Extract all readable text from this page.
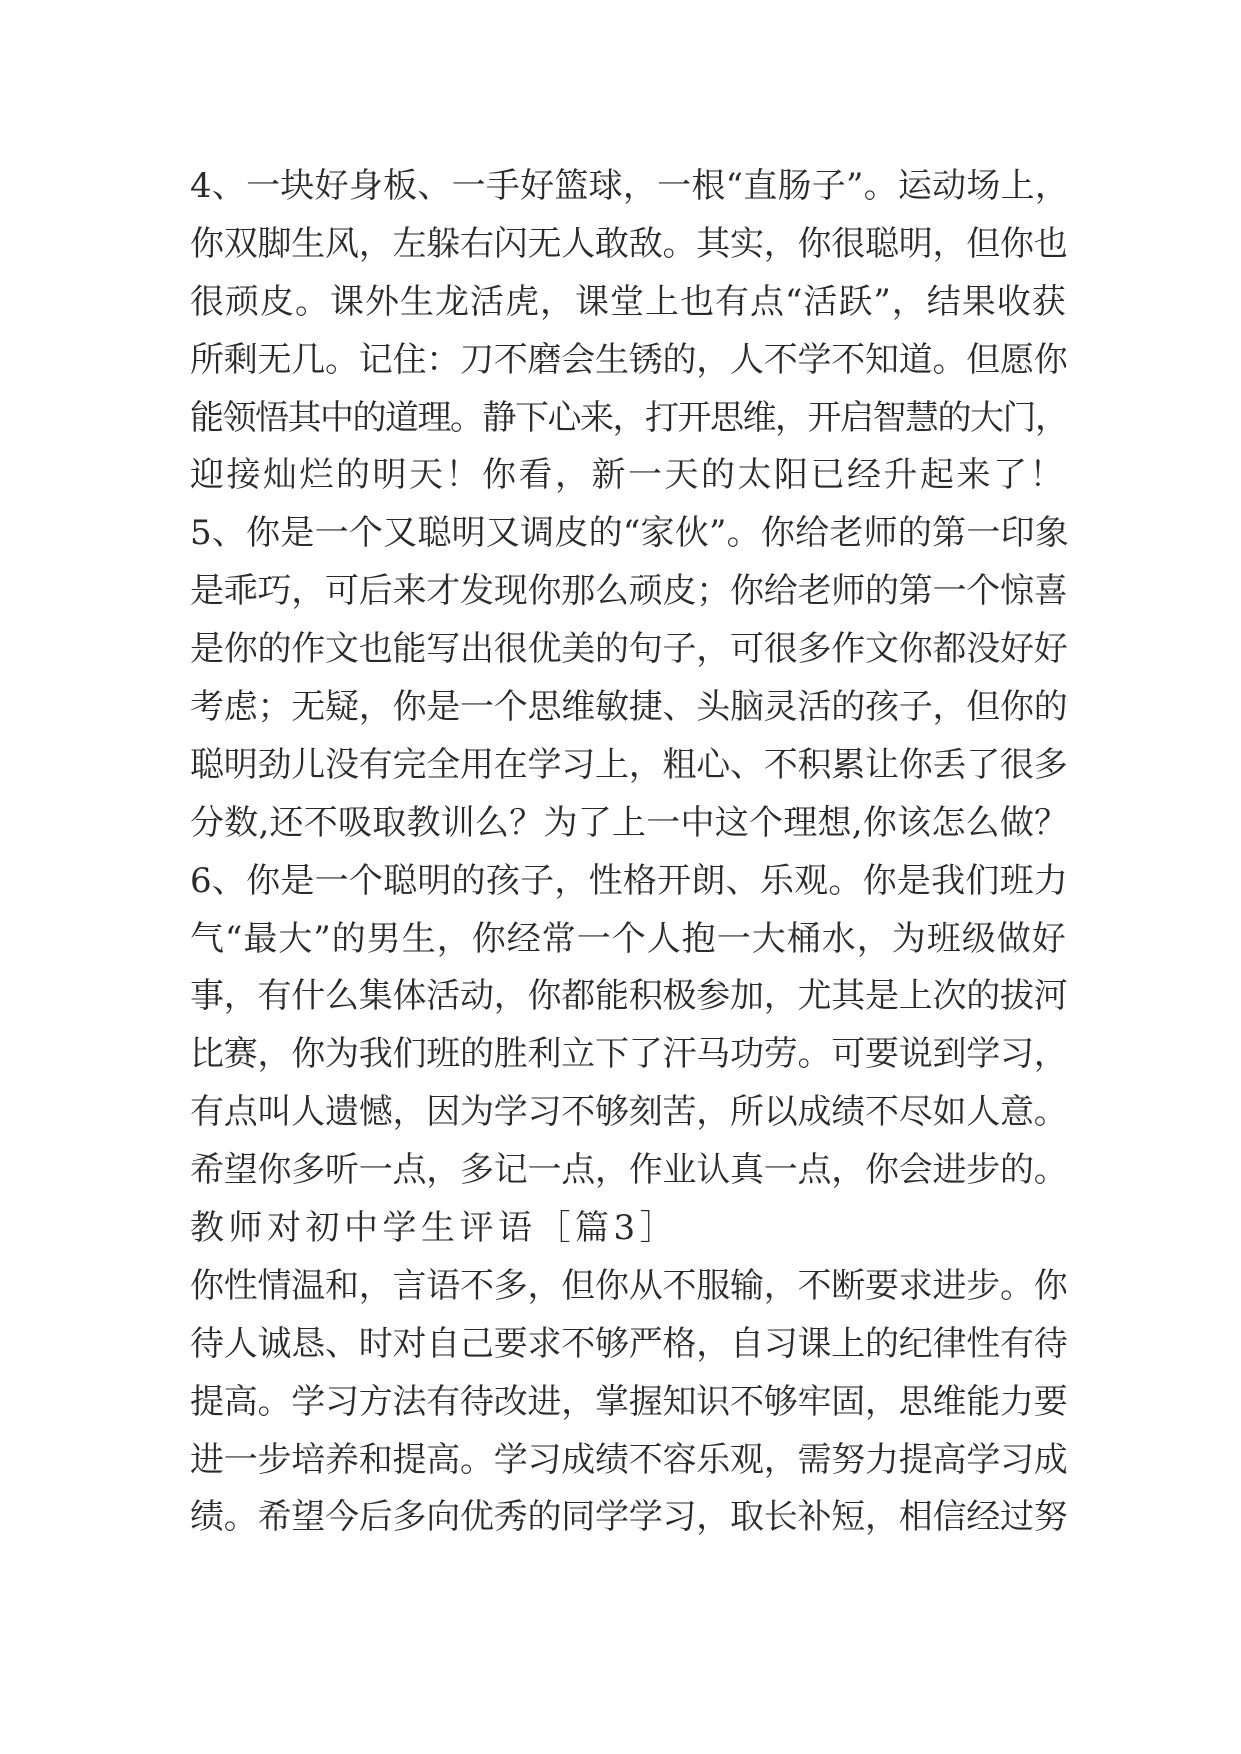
4、一块好身板、一手好篮球，一根“直肠子”。运动场上，
你双脚生风，左躲右闪无人敢敌。其实，你很聪明，但你也
很顽皮。课外生龙活虎，课堂上也有点“活跃”，结果收获
所剩无几。记住：刀不磨会生锈的，人不学不知道。但愿你
能领悟其中的道理。静下心来，打开思维，开启智慧的大门，
迎接灿烂的明天！你看，新一天的太阳已经升起来了！
5、你是一个又聪明又调皮的“家伙”。你给老师的第一印象
是乖巧，可后来才发现你那么顽皮；你给老师的第一个惊喜
是你的作文也能写出很优美的句子，可很多作文你都没好好
考虑；无疑，你是一个思维敏捷、头脑灵活的孩子，但你的
聪明劲儿没有完全用在学习上，粗心、不积累让你丢了很多
分数,还不吸取教训么？为了上一中这个理想,你该怎么做？
6、你是一个聪明的孩子，性格开朗、乐观。你是我们班力
气“最大”的男生，你经常一个人抱一大桶水，为班级做好
事，有什么集体活动，你都能积极参加，尤其是上次的拔河
比赛，你为我们班的胜利立下了汗马功劳。可要说到学习，
有点叫人遗憾，因为学习不够刻苦，所以成绩不尽如人意。
希望你多听一点，多记一点，作业认真一点，你会进步的。
教师对初中学生评语［篇3］
你性情温和，言语不多，但你从不服输，不断要求进步。你
待人诚恳、时对自己要求不够严格，自习课上的纪律性有待
提高。学习方法有待改进，掌握知识不够牢固，思维能力要
进一步培养和提高。学习成绩不容乐观，需努力提高学习成
绩。希望今后多向优秀的同学学习，取长补短，相信经过努
